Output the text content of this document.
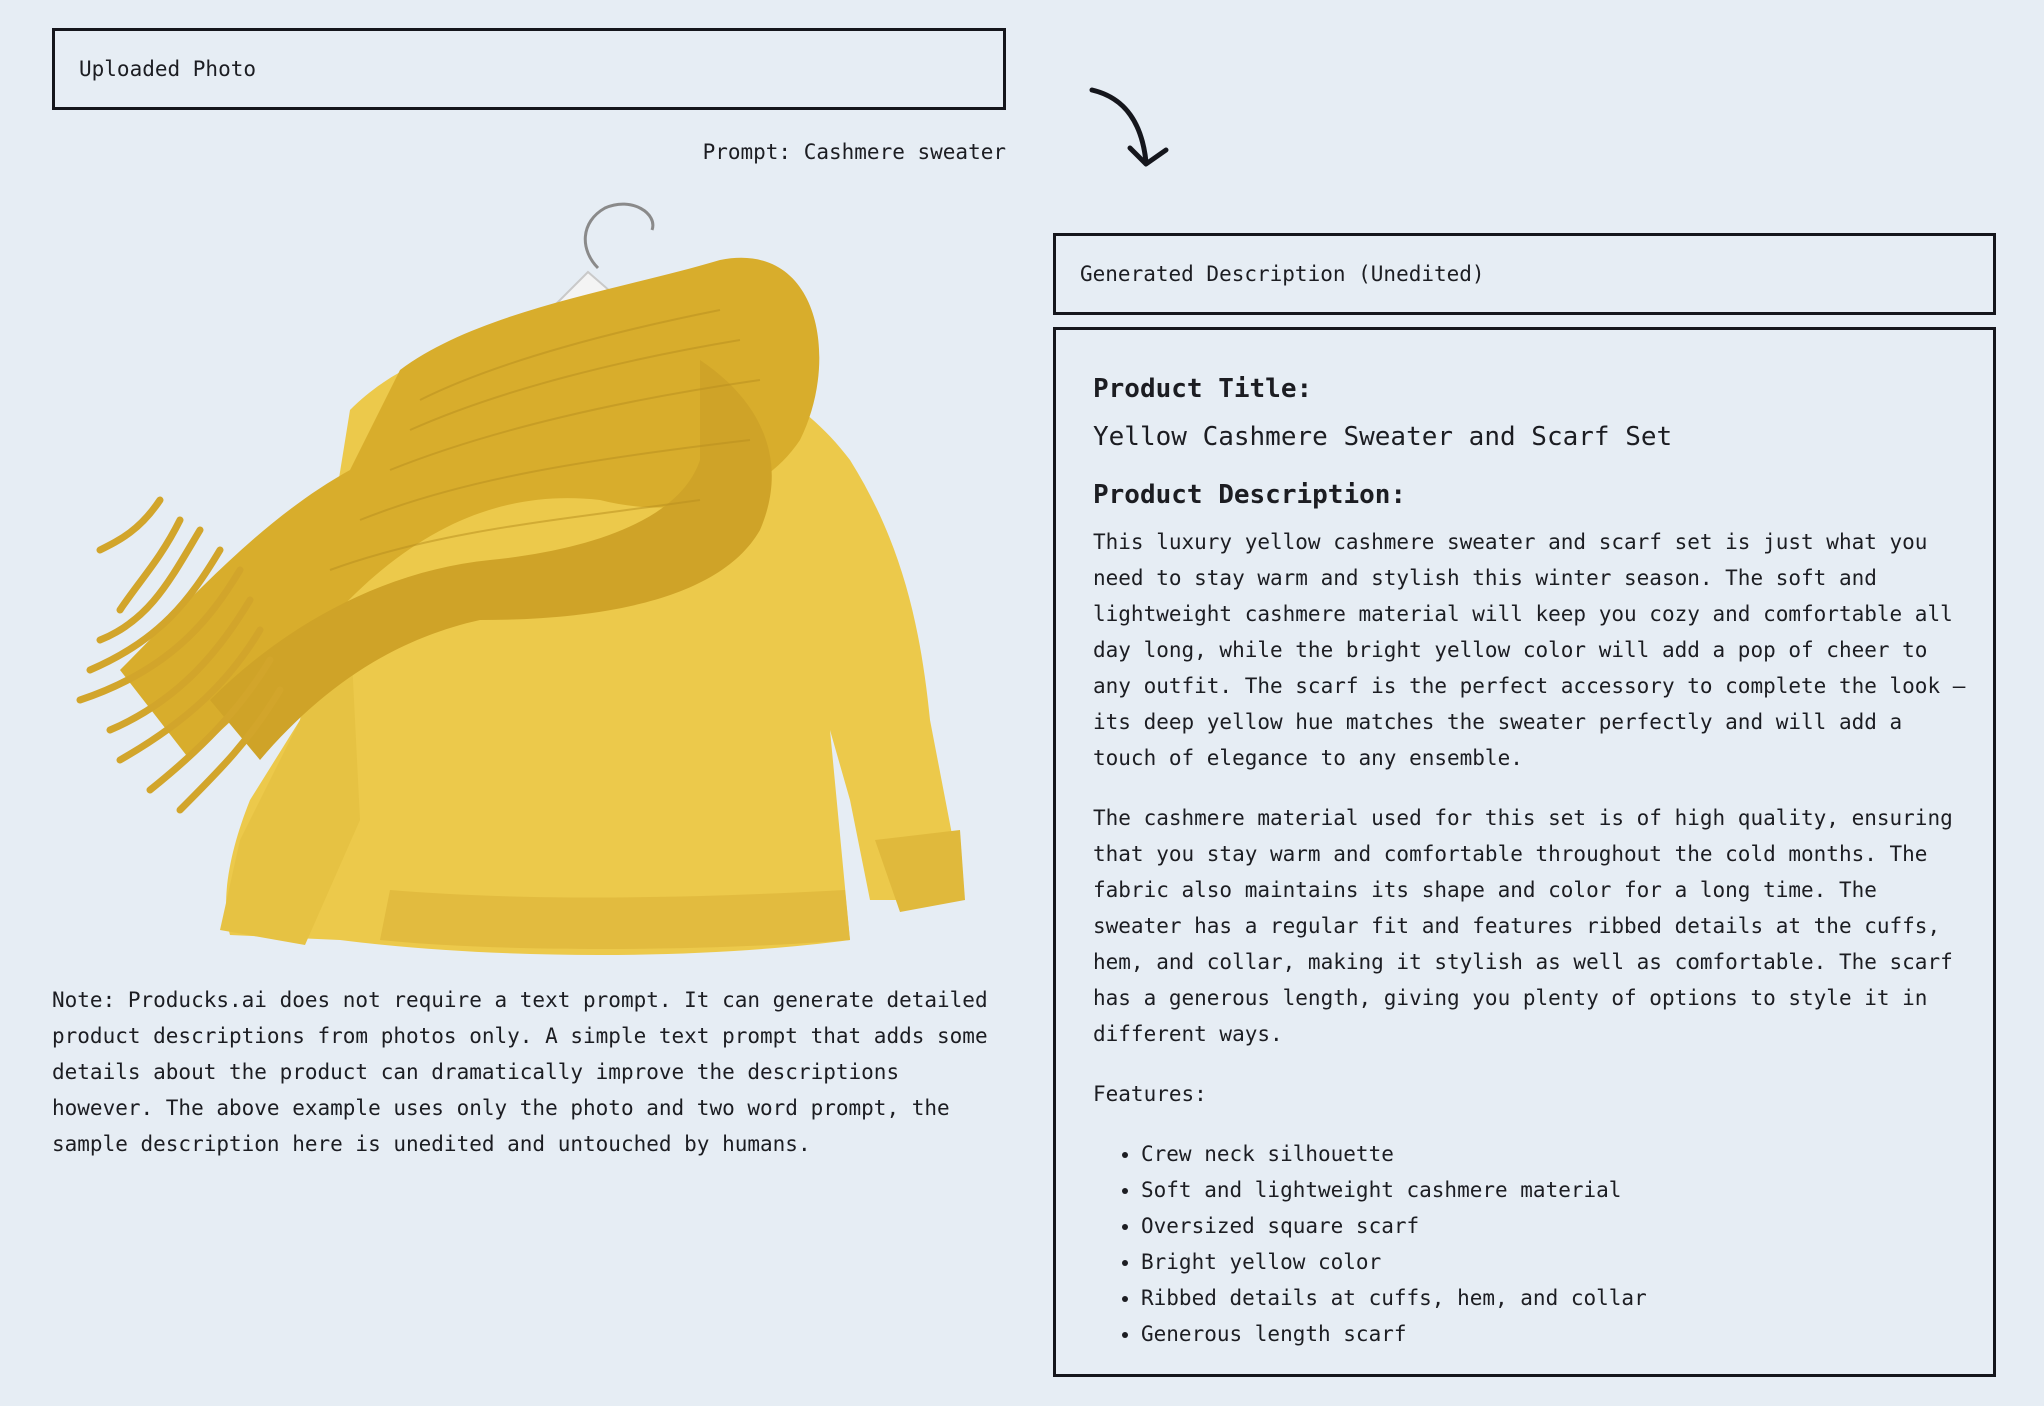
Uploaded Photo
Prompt: Cashmere sweater
Note: Producks.ai does not require a text prompt. It can generate detailed product descriptions from photos only. A simple text prompt that adds some details about the product can dramatically improve the descriptions however. The above example uses only the photo and two word prompt, the sample description here is unedited and untouched by humans.
Generated Description (Unedited)
Product Title:
Yellow Cashmere Sweater and Scarf Set
Product Description:

This luxury yellow cashmere sweater and scarf set is just what you need to stay warm and stylish this winter season. The soft and lightweight cashmere material will keep you cozy and comfortable all day long, while the bright yellow color will add a pop of cheer to any outfit. The scarf is the perfect accessory to complete the look – its deep yellow hue matches the sweater perfectly and will add a touch of elegance to any ensemble.

The cashmere material used for this set is of high quality, ensuring that you stay warm and comfortable throughout the cold months. The fabric also maintains its shape and color for a long time. The sweater has a regular fit and features ribbed details at the cuffs, hem, and collar, making it stylish as well as comfortable. The scarf has a generous length, giving you plenty of options to style it in different ways.

Features:

• Crew neck silhouette
• Soft and lightweight cashmere material
• Oversized square scarf
• Bright yellow color
• Ribbed details at cuffs, hem, and collar
• Generous length scarf
